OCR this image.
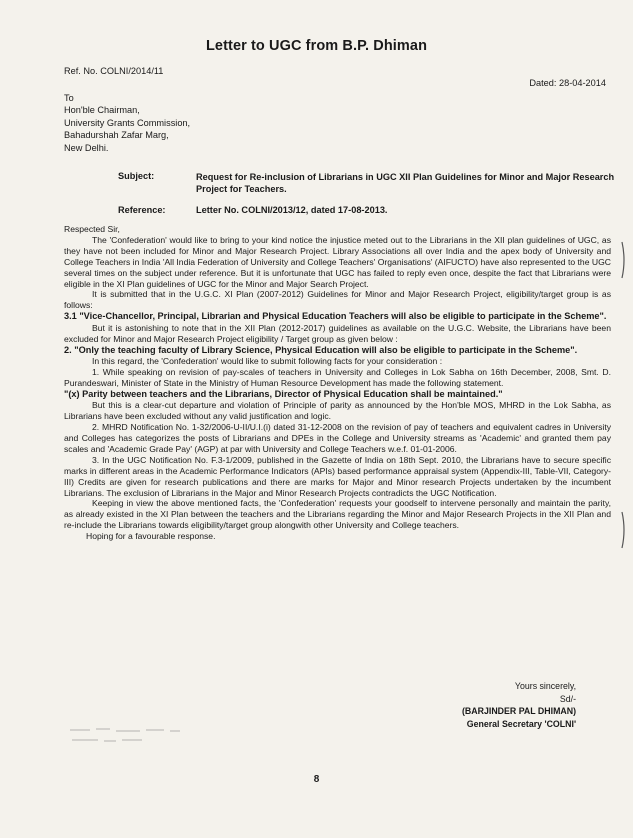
Letter to UGC from B.P. Dhiman
Ref. No. COLNI/2014/11
Dated: 28-04-2014
To
Hon'ble Chairman,
University Grants Commission,
Bahadurshah Zafar Marg,
New Delhi.
Subject:	Request for Re-inclusion of Librarians in UGC XII Plan Guidelines for Minor and Major Research Project for Teachers.
Reference:	Letter No. COLNI/2013/12, dated 17-08-2013.

Respected Sir,

The 'Confederation' would like to bring to your kind notice the injustice meted out to the Librarians in the XII plan guidelines of UGC, as they have not been included for Minor and Major Research Project. Library Associations all over India and the apex body of University and College Teachers in India 'All India Federation of University and College Teachers' Organisations' (AIFUCTO) have also represented to the UGC several times on the subject under reference. But it is unfortunate that UGC has failed to reply even once, despite the fact that Librarians were eligible in the XI Plan guidelines of UGC for the Minor and Major Search Project.

It is submitted that in the U.G.C. XI Plan (2007-2012) Guidelines for Minor and Major Research Project, eligibility/target group is as follows:

3.1 "Vice-Chancellor, Principal, Librarian and Physical Education Teachers will also be eligible to participate in the Scheme".

But it is astonishing to note that in the XII Plan (2012-2017) guidelines as available on the U.G.C. Website, the Librarians have been excluded for Minor and Major Research Project eligibility / Target group as given below :

2. "Only the teaching faculty of Library Science, Physical Education will also be eligible to participate in the Scheme".

In this regard, the 'Confederation' would like to submit following facts for your consideration :

1. While speaking on revision of pay-scales of teachers in University and Colleges in Lok Sabha on 16th December, 2008, Smt. D. Purandeswari, Minister of State in the Ministry of Human Resource Development has made the following statement.

"(x) Parity between teachers and the Librarians, Director of Physical Education shall be maintained."

But this is a clear-cut departure and violation of Principle of parity as announced by the Hon'ble MOS, MHRD in the Lok Sabha, as Librarians have been excluded without any valid justification and logic.

2. MHRD Notification No. 1-32/2006-U-II/U.I.(i) dated 31-12-2008 on the revision of pay of teachers and equivalent cadres in University and Colleges has categorizes the posts of Librarians and DPEs in the College and University streams as 'Academic' and granted them pay scales and 'Academic Grade Pay' (AGP) at par with University and College Teachers w.e.f. 01-01-2006.

3. In the UGC Notification No. F.3-1/2009, published in the Gazette of India on 18th Sept. 2010, the Librarians have to secure specific marks in different areas in the Academic Performance Indicators (APIs) based performance appraisal system (Appendix-III, Table-VII, Category-III) Credits are given for research publications and there are marks for Major and Minor research Projects undertaken by the incumbent Librarians. The exclusion of Librarians in the Major and Minor Research Projects contradicts the UGC Notification.

Keeping in view the above mentioned facts, the 'Confederation' requests your goodself to intervene personally and maintain the parity, as already existed in the XI Plan between the teachers and the Librarians regarding the Minor and Major Research Projects in the XII Plan and re-include the Librarians towards eligibility/target group alongwith other University and College teachers.

Hoping for a favourable response.

Yours sincerely,
Sd/-
(BARJINDER PAL DHIMAN)
General Secretary 'COLNI'
8
